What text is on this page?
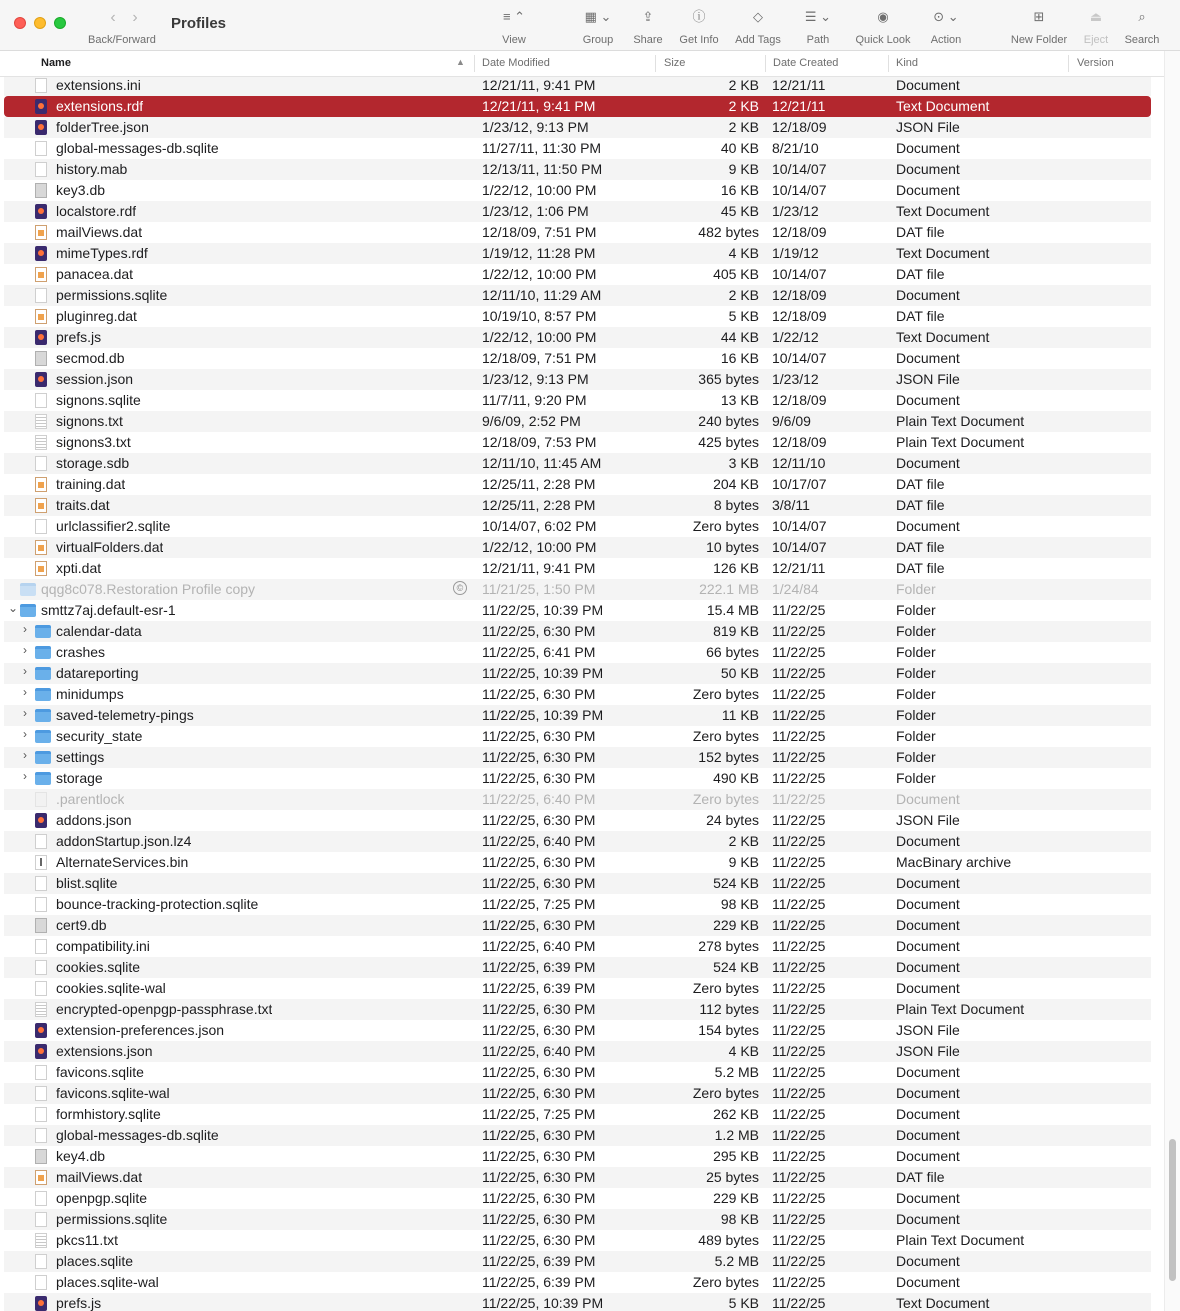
‹ ›
Back/Forward
Profiles	≡ ⌃
View
▦ ⌄
Group
⇪
Share
ⓘ
Get Info
◇
Add Tags
☰ ⌄
Path
◉
Quick Look
⊙ ⌄
Action
⊞
New Folder
⏏
Eject
⌕
Search
Name	▲ Date Modified	Size	Date Created	Kind	Version
extensions.ini	12/21/11, 9:41 PM	2 KB 12/21/11	Document
extensions.rdf	12/21/11, 9:41 PM	2 KB 12/21/11	Text Document
folderTree.json	1/23/12, 9:13 PM	2 KB 12/18/09	JSON File
global-messages-db.sqlite	11/27/11, 11:30 PM	40 KB 8/21/10	Document
history.mab	12/13/11, 11:50 PM	9 KB 10/14/07	Document
key3.db	1/22/12, 10:00 PM	16 KB 10/14/07	Document
localstore.rdf	1/23/12, 1:06 PM	45 KB 1/23/12	Text Document
mailViews.dat	12/18/09, 7:51 PM	482 bytes 12/18/09	DAT file
mimeTypes.rdf	1/19/12, 11:28 PM	4 KB 1/19/12	Text Document
panacea.dat	1/22/12, 10:00 PM	405 KB 10/14/07	DAT file
permissions.sqlite	12/11/10, 11:29 AM	2 KB 12/18/09	Document
pluginreg.dat	10/19/10, 8:57 PM	5 KB 12/18/09	DAT file
prefs.js	1/22/12, 10:00 PM	44 KB 1/22/12	Text Document
secmod.db	12/18/09, 7:51 PM	16 KB 10/14/07	Document
session.json	1/23/12, 9:13 PM	365 bytes 1/23/12	JSON File
signons.sqlite	11/7/11, 9:20 PM	13 KB 12/18/09	Document
signons.txt	9/6/09, 2:52 PM	240 bytes 9/6/09	Plain Text Document
signons3.txt	12/18/09, 7:53 PM	425 bytes 12/18/09	Plain Text Document
storage.sdb	12/11/10, 11:45 AM	3 KB 12/11/10	Document
training.dat	12/25/11, 2:28 PM	204 KB 10/17/07	DAT file
traits.dat	12/25/11, 2:28 PM	8 bytes 3/8/11	DAT file
urlclassifier2.sqlite	10/14/07, 6:02 PM	Zero bytes 10/14/07	Document
virtualFolders.dat	1/22/12, 10:00 PM	10 bytes 10/14/07	DAT file
xpti.dat	12/21/11, 9:41 PM	126 KB 12/21/11	DAT file
qqg8c078.Restoration Profile copy	© 11/21/25, 1:50 PM	222.1 MB 1/24/84	Folder
⌄ smttz7aj.default-esr-1	11/22/25, 10:39 PM	15.4 MB 11/22/25	Folder
› calendar-data	11/22/25, 6:30 PM	819 KB 11/22/25	Folder
› crashes	11/22/25, 6:41 PM	66 bytes 11/22/25	Folder
› datareporting	11/22/25, 10:39 PM	50 KB 11/22/25	Folder
› minidumps	11/22/25, 6:30 PM	Zero bytes 11/22/25	Folder
› saved-telemetry-pings	11/22/25, 10:39 PM	11 KB 11/22/25	Folder
› security_state	11/22/25, 6:30 PM	Zero bytes 11/22/25	Folder
› settings	11/22/25, 6:30 PM	152 bytes 11/22/25	Folder
› storage	11/22/25, 6:30 PM	490 KB 11/22/25	Folder
.parentlock	11/22/25, 6:40 PM	Zero bytes 11/22/25	Document
addons.json	11/22/25, 6:30 PM	24 bytes 11/22/25	JSON File
addonStartup.json.lz4	11/22/25, 6:40 PM	2 KB 11/22/25	Document
AlternateServices.bin	11/22/25, 6:30 PM	9 KB 11/22/25	MacBinary archive
blist.sqlite	11/22/25, 6:30 PM	524 KB 11/22/25	Document
bounce-tracking-protection.sqlite	11/22/25, 7:25 PM	98 KB 11/22/25	Document
cert9.db	11/22/25, 6:30 PM	229 KB 11/22/25	Document
compatibility.ini	11/22/25, 6:40 PM	278 bytes 11/22/25	Document
cookies.sqlite	11/22/25, 6:39 PM	524 KB 11/22/25	Document
cookies.sqlite-wal	11/22/25, 6:39 PM	Zero bytes 11/22/25	Document
encrypted-openpgp-passphrase.txt	11/22/25, 6:30 PM	112 bytes 11/22/25	Plain Text Document
extension-preferences.json	11/22/25, 6:30 PM	154 bytes 11/22/25	JSON File
extensions.json	11/22/25, 6:40 PM	4 KB 11/22/25	JSON File
favicons.sqlite	11/22/25, 6:30 PM	5.2 MB 11/22/25	Document
favicons.sqlite-wal	11/22/25, 6:30 PM	Zero bytes 11/22/25	Document
formhistory.sqlite	11/22/25, 7:25 PM	262 KB 11/22/25	Document
global-messages-db.sqlite	11/22/25, 6:30 PM	1.2 MB 11/22/25	Document
key4.db	11/22/25, 6:30 PM	295 KB 11/22/25	Document
mailViews.dat	11/22/25, 6:30 PM	25 bytes 11/22/25	DAT file
openpgp.sqlite	11/22/25, 6:30 PM	229 KB 11/22/25	Document
permissions.sqlite	11/22/25, 6:30 PM	98 KB 11/22/25	Document
pkcs11.txt	11/22/25, 6:30 PM	489 bytes 11/22/25	Plain Text Document
places.sqlite	11/22/25, 6:39 PM	5.2 MB 11/22/25	Document
places.sqlite-wal	11/22/25, 6:39 PM	Zero bytes 11/22/25	Document
prefs.js	11/22/25, 10:39 PM	5 KB 11/22/25	Text Document
